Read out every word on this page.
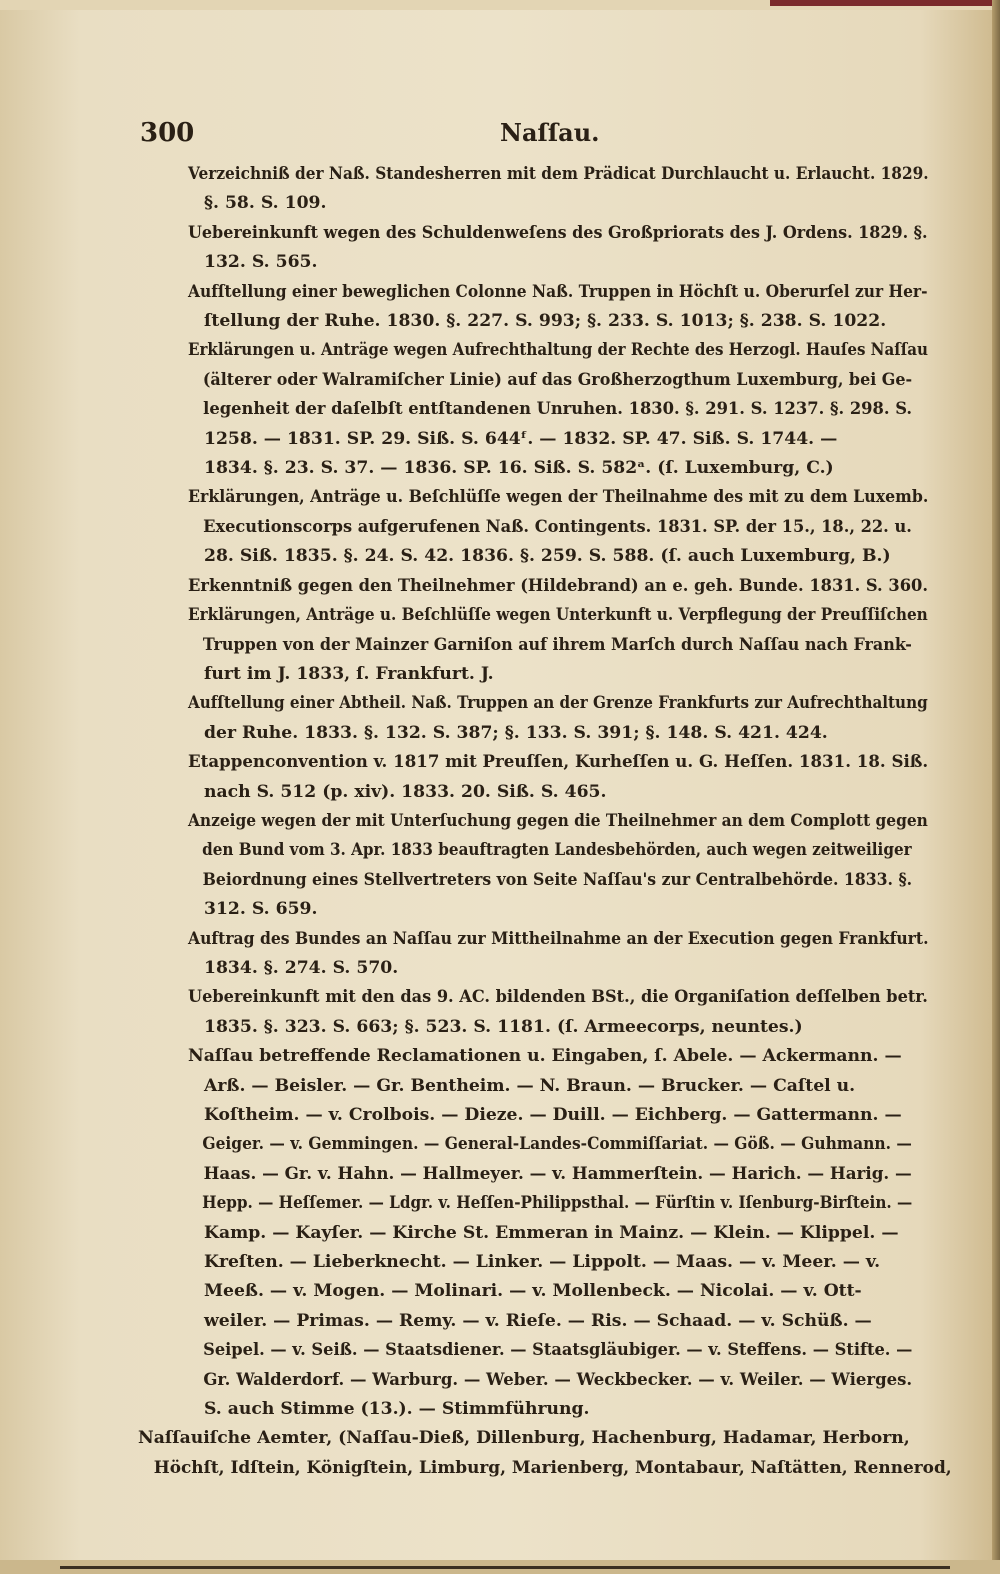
300	Naſſau.
Verzeichniß der Naß. Standesherren mit dem Prädicat Durchlaucht u. Erlaucht. 1829.
§. 58. S. 109.
Uebereinkunft wegen des Schuldenweſens des Großpriorats des J. Ordens. 1829. §.
132. S. 565.
Aufſtellung einer beweglichen Colonne Naß. Truppen in Höchſt u. Oberurſel zur Her-
ſtellung der Ruhe. 1830. §. 227. S. 993; §. 233. S. 1013; §. 238. S. 1022.
Erklärungen u. Anträge wegen Aufrechthaltung der Rechte des Herzogl. Hauſes Naſſau
(älterer oder Walramiſcher Linie) auf das Großherzogthum Luxemburg, bei Ge-
legenheit der daſelbſt entſtandenen Unruhen. 1830. §. 291. S. 1237. §. 298. S.
1258. — 1831. SP. 29. Siß. S. 644ᶠ. — 1832. SP. 47. Siß. S. 1744. —
1834. §. 23. S. 37. — 1836. SP. 16. Siß. S. 582ᵃ. (ſ. Luxemburg, C.)
Erklärungen, Anträge u. Beſchlüſſe wegen der Theilnahme des mit zu dem Luxemb.
Executionscorps aufgerufenen Naß. Contingents. 1831. SP. der 15., 18., 22. u.
28. Siß. 1835. §. 24. S. 42. 1836. §. 259. S. 588. (ſ. auch Luxemburg, B.)
Erkenntniß gegen den Theilnehmer (Hildebrand) an e. geh. Bunde. 1831. S. 360.
Erklärungen, Anträge u. Beſchlüſſe wegen Unterkunft u. Verpflegung der Preuſſiſchen
Truppen von der Mainzer Garniſon auf ihrem Marſch durch Naſſau nach Frank-
furt im J. 1833, ſ. Frankfurt. J.
Aufſtellung einer Abtheil. Naß. Truppen an der Grenze Frankfurts zur Aufrechthaltung
der Ruhe. 1833. §. 132. S. 387; §. 133. S. 391; §. 148. S. 421. 424.
Etappenconvention v. 1817 mit Preuſſen, Kurheſſen u. G. Heſſen. 1831. 18. Siß.
nach S. 512 (p. xiv). 1833. 20. Siß. S. 465.
Anzeige wegen der mit Unterſuchung gegen die Theilnehmer an dem Complott gegen
den Bund vom 3. Apr. 1833 beauftragten Landesbehörden, auch wegen zeitweiliger
Beiordnung eines Stellvertreters von Seite Naſſau's zur Centralbehörde. 1833. §.
312. S. 659.
Auftrag des Bundes an Naſſau zur Mittheilnahme an der Execution gegen Frankfurt.
1834. §. 274. S. 570.
Uebereinkunft mit den das 9. AC. bildenden BSt., die Organiſation deſſelben betr.
1835. §. 323. S. 663; §. 523. S. 1181. (ſ. Armeecorps, neuntes.)
Naſſau betreffende Reclamationen u. Eingaben, ſ. Abele. — Ackermann. —
Arß. — Beisler. — Gr. Bentheim. — N. Braun. — Brucker. — Caſtel u.
Koſtheim. — v. Crolbois. — Dieze. — Duill. — Eichberg. — Gattermann. —
Geiger. — v. Gemmingen. — General-Landes-Commiſſariat. — Göß. — Guhmann. —
Haas. — Gr. v. Hahn. — Hallmeyer. — v. Hammerſtein. — Harich. — Harig. —
Hepp. — Heſſemer. — Ldgr. v. Heſſen-Philippsthal. — Fürſtin v. Iſenburg-Birſtein. —
Kamp. — Kayſer. — Kirche St. Emmeran in Mainz. — Klein. — Klippel. —
Kreſten. — Lieberknecht. — Linker. — Lippolt. — Maas. — v. Meer. — v.
Meeß. — v. Mogen. — Molinari. — v. Mollenbeck. — Nicolai. — v. Ott-
weiler. — Primas. — Remy. — v. Rieſe. — Ris. — Schaad. — v. Schüß. —
Seipel. — v. Seiß. — Staatsdiener. — Staatsgläubiger. — v. Steffens. — Stifte. —
Gr. Walderdorf. — Warburg. — Weber. — Weckbecker. — v. Weiler. — Wierges.
S. auch Stimme (13.). — Stimmführung.
Naſſauiſche Aemter, (Naſſau-Dieß, Dillenburg, Hachenburg, Hadamar, Herborn,
Höchſt, Idſtein, Königſtein, Limburg, Marienberg, Montabaur, Naſtätten, Rennerod,
